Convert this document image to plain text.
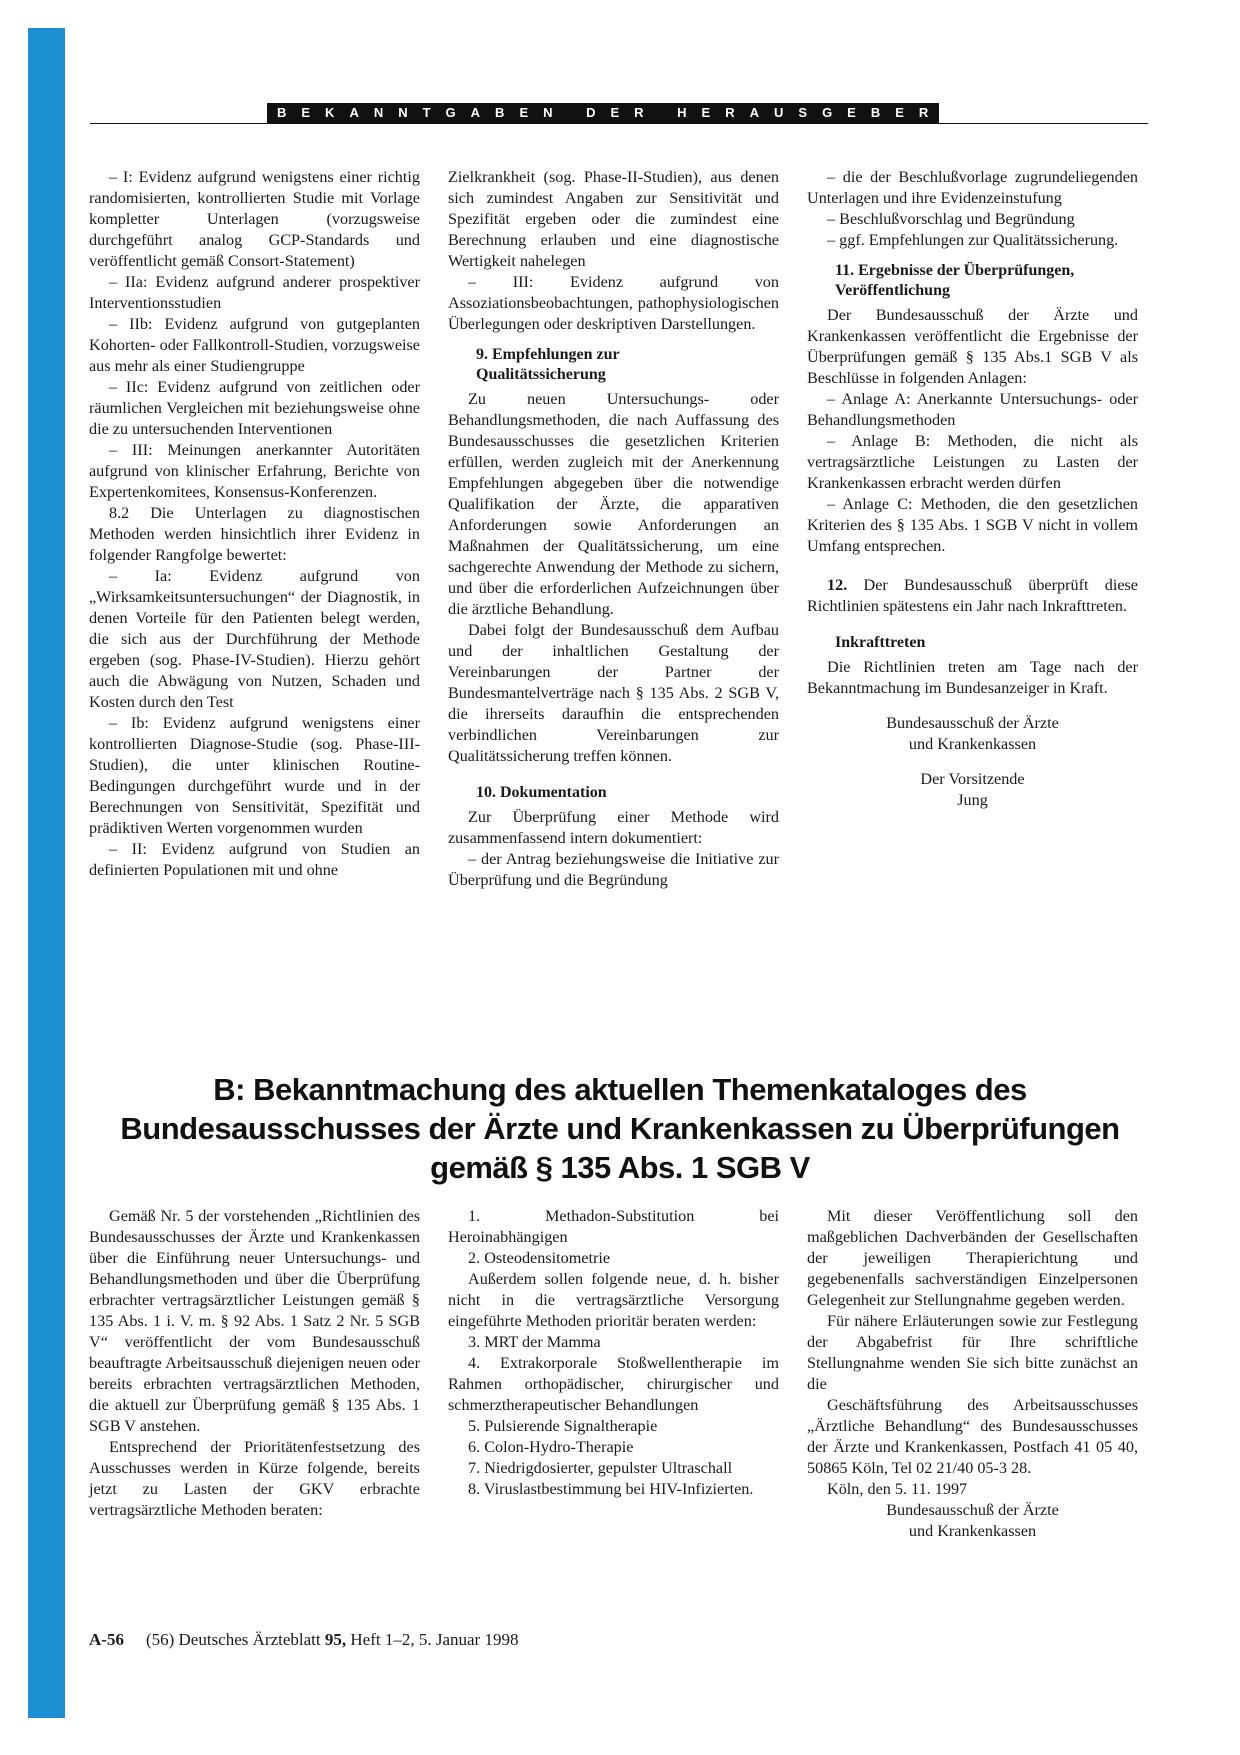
BEKANNTGABEN DER HERAUSGEBER

– I: Evidenz aufgrund wenigstens einer richtig randomisierten, kontrollierten Studie mit Vorlage kompletter Unterlagen (vorzugsweise durchgeführt analog GCP-Standards und veröffentlicht gemäß Consort-Statement)

– IIa: Evidenz aufgrund anderer prospektiver Interventionsstudien

– IIb: Evidenz aufgrund von gutgeplanten Kohorten- oder Fallkontroll-Studien, vorzugsweise aus mehr als einer Studiengruppe

– IIc: Evidenz aufgrund von zeitlichen oder räumlichen Vergleichen mit beziehungsweise ohne die zu untersuchenden Interventionen

– III: Meinungen anerkannter Autoritäten aufgrund von klinischer Erfahrung, Berichte von Expertenkomitees, Konsensus-Konferenzen.

8.2 Die Unterlagen zu diagnostischen Methoden werden hinsichtlich ihrer Evidenz in folgender Rangfolge bewertet:

– Ia: Evidenz aufgrund von „Wirksamkeitsuntersuchungen“ der Diagnostik, in denen Vorteile für den Patienten belegt werden, die sich aus der Durchführung der Methode ergeben (sog. Phase-IV-Studien). Hierzu gehört auch die Abwägung von Nutzen, Schaden und Kosten durch den Test

– Ib: Evidenz aufgrund wenigstens einer kontrollierten Diagnose-Studie (sog. Phase-III-Studien), die unter klinischen Routine-Bedingungen durchgeführt wurde und in der Berechnungen von Sensitivität, Spezifität und prädiktiven Werten vorgenommen wurden

– II: Evidenz aufgrund von Studien an definierten Populationen mit und ohne

Zielkrankheit (sog. Phase-II-Studien), aus denen sich zumindest Angaben zur Sensitivität und Spezifität ergeben oder die zumindest eine Berechnung erlauben und eine diagnostische Wertigkeit nahelegen

– III: Evidenz aufgrund von Assoziationsbeobachtungen, pathophysiologischen Überlegungen oder deskriptiven Darstellungen.

9. Empfehlungen zur
Qualitätssicherung

Zu neuen Untersuchungs- oder Behandlungsmethoden, die nach Auffassung des Bundesausschusses die gesetzlichen Kriterien erfüllen, werden zugleich mit der Anerkennung Empfehlungen abgegeben über die notwendige Qualifikation der Ärzte, die apparativen Anforderungen sowie Anforderungen an Maßnahmen der Qualitätssicherung, um eine sachgerechte Anwendung der Methode zu sichern, und über die erforderlichen Aufzeichnungen über die ärztliche Behandlung.

Dabei folgt der Bundesausschuß dem Aufbau und der inhaltlichen Gestaltung der Vereinbarungen der Partner der Bundesmantelverträge nach § 135 Abs. 2 SGB V, die ihrerseits daraufhin die entsprechenden verbindlichen Vereinbarungen zur Qualitätssicherung treffen können.

10. Dokumentation

Zur Überprüfung einer Methode wird zusammenfassend intern dokumentiert:

– der Antrag beziehungsweise die Initiative zur Überprüfung und die Begründung

– die der Beschlußvorlage zugrundeliegenden Unterlagen und ihre Evidenzeinstufung

– Beschlußvorschlag und Begründung

– ggf. Empfehlungen zur Qualitätssicherung.

11. Ergebnisse der Überprüfungen,
Veröffentlichung

Der Bundesausschuß der Ärzte und Krankenkassen veröffentlicht die Ergebnisse der Überprüfungen gemäß § 135 Abs.1 SGB V als Beschlüsse in folgenden Anlagen:

– Anlage A: Anerkannte Untersuchungs- oder Behandlungsmethoden

– Anlage B: Methoden, die nicht als vertragsärztliche Leistungen zu Lasten der Krankenkassen erbracht werden dürfen

– Anlage C: Methoden, die den gesetzlichen Kriterien des § 135 Abs. 1 SGB V nicht in vollem Umfang entsprechen.

12. Der Bundesausschuß überprüft diese Richtlinien spätestens ein Jahr nach Inkrafttreten.

Inkrafttreten

Die Richtlinien treten am Tage nach der Bekanntmachung im Bundesanzeiger in Kraft.

Bundesausschuß der Ärzte
und Krankenkassen

Der Vorsitzende
Jung

B: Bekanntmachung des aktuellen Themenkataloges des
Bundesausschusses der Ärzte und Krankenkassen zu Überprüfungen
gemäß § 135 Abs. 1 SGB V

Gemäß Nr. 5 der vorstehenden „Richtlinien des Bundesausschusses der Ärzte und Krankenkassen über die Einführung neuer Untersuchungs- und Behandlungsmethoden und über die Überprüfung erbrachter vertragsärztlicher Leistungen gemäß § 135 Abs. 1 i. V. m. § 92 Abs. 1 Satz 2 Nr. 5 SGB V“ veröffentlicht der vom Bundesausschuß beauftragte Arbeitsausschuß diejenigen neuen oder bereits erbrachten vertragsärztlichen Methoden, die aktuell zur Überprüfung gemäß § 135 Abs. 1 SGB V anstehen.

Entsprechend der Prioritätenfestsetzung des Ausschusses werden in Kürze folgende, bereits jetzt zu Lasten der GKV erbrachte vertragsärztliche Methoden beraten:

1. Methadon-Substitution bei Heroinabhängigen

2. Osteodensitometrie

Außerdem sollen folgende neue, d. h. bisher nicht in die vertragsärztliche Versorgung eingeführte Methoden prioritär beraten werden:

3. MRT der Mamma

4. Extrakorporale Stoßwellentherapie im Rahmen orthopädischer, chirurgischer und schmerztherapeutischer Behandlungen

5. Pulsierende Signaltherapie

6. Colon-Hydro-Therapie

7. Niedrigdosierter, gepulster Ultraschall

8. Viruslastbestimmung bei HIV-Infizierten.

Mit dieser Veröffentlichung soll den maßgeblichen Dachverbänden der Gesellschaften der jeweiligen Therapierichtung und gegebenenfalls sachverständigen Einzelpersonen Gelegenheit zur Stellungnahme gegeben werden.

Für nähere Erläuterungen sowie zur Festlegung der Abgabefrist für Ihre schriftliche Stellungnahme wenden Sie sich bitte zunächst an die

Geschäftsführung des Arbeitsausschusses „Ärztliche Behandlung“ des Bundesausschusses der Ärzte und Krankenkassen, Postfach 41 05 40, 50865 Köln, Tel 02 21/40 05-3 28.

Köln, den 5. 11. 1997

Bundesausschuß der Ärzte
und Krankenkassen

A-56 (56) Deutsches Ärzteblatt 95, Heft 1–2, 5. Januar 1998
